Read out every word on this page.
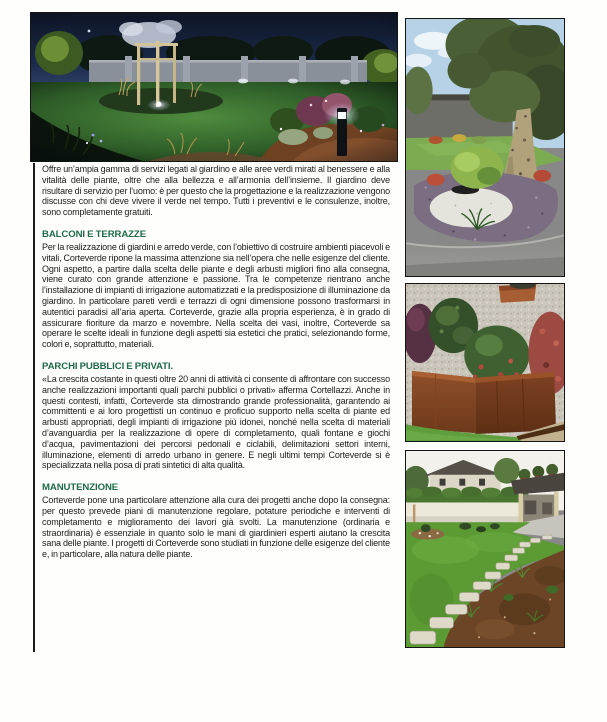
Offre un’ampia gamma di servizi legati al giardino e alle aree verdi mirati al benessere e alla vitalità delle piante, oltre che alla bellezza e all’armonia dell’insieme. Il giardino deve risultare di servizio per l’uomo: è per questo che la progettazione e la realizzazione vengono discusse con chi deve vivere il verde nel tempo. Tutti i preventivi e le consulenze, inoltre, sono completamente gratuiti.

BALCONI E TERRAZZE

Per la realizzazione di giardini e arredo verde, con l’obiettivo di costruire ambienti piacevoli e vitali, Corteverde ripone la massima attenzione sia nell’opera che nelle esigenze del cliente. Ogni aspetto, a partire dalla scelta delle piante e degli arbusti migliori fino alla consegna, viene curato con grande attenzione e passione. Tra le competenze rientrano anche l’installazione di impianti di irrigazione automatizzati e la predisposizione di illuminazione da giardino. In particolare pareti verdi e terrazzi di ogni dimensione possono trasformarsi in autentici paradisi all’aria aperta. Corteverde, grazie alla propria esperienza, è in grado di assicurare fioriture da marzo e novembre. Nella scelta dei vasi, inoltre, Corteverde sa operare le scelte ideali in funzione degli aspetti sia estetici che pratici, selezionando forme, colori e, soprattutto, materiali.

PARCHI PUBBLICI E PRIVATI.

«La crescita costante in questi oltre 20 anni di attività ci consente di affrontare con successo anche realizzazioni importanti quali parchi pubblici o privati» afferma Cortellazzi. Anche in questi contesti, infatti, Corteverde sta dimostrando grande professionalità, garantendo ai committenti e ai loro progettisti un continuo e proficuo supporto nella scelta di piante ed arbusti appropriati, degli impianti di irrigazione più idonei, nonché nella scelta di materiali d’avanguardia per la realizzazione di opere di completamento, quali fontane e giochi d’acqua, pavimentazioni dei percorsi pedonali e ciclabili, delimitazioni settori interni, illuminazione, elementi di arredo urbano in genere. E negli ultimi tempi Corteverde si è specializzata nella posa di prati sintetici di alta qualità.

MANUTENZIONE

Corteverde pone una particolare attenzione alla cura dei progetti anche dopo la consegna: per questo prevede piani di manutenzione regolare, potature periodiche e interventi di completamento e miglioramento dei lavori già svolti. La manutenzione (ordinaria e straordinaria) è essenziale in quanto solo le mani di giardinieri esperti aiutano la crescita sana delle piante. I progetti di Corteverde sono studiati in funzione delle esigenze del cliente e, in particolare, alla natura delle piante.
